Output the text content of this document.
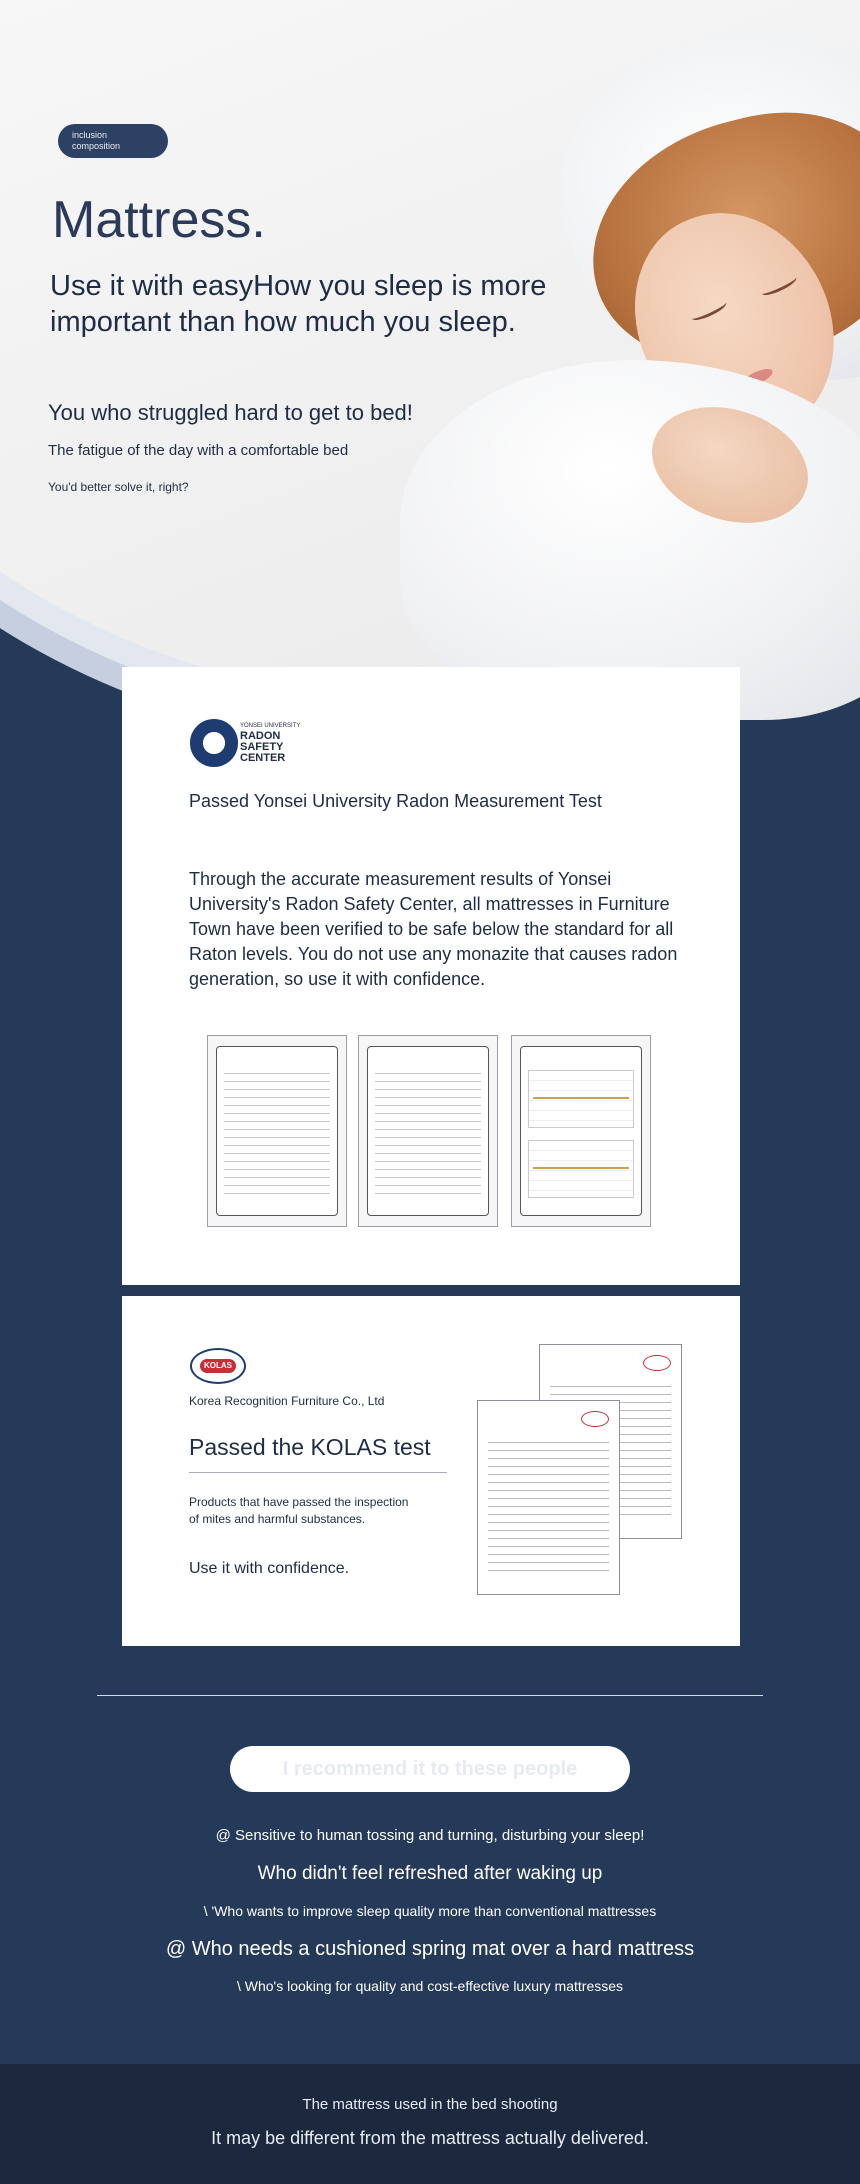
inclusion
composition
Mattress.
Use it with easyHow you sleep is more important than how much you sleep.
You who struggled hard to get to bed!
The fatigue of the day with a comfortable bed
You'd better solve it, right?
YONSEI UNIVERSITY
RADON SAFETY CENTER
Passed Yonsei University Radon Measurement Test
Through the accurate measurement results of Yonsei University's Radon Safety Center, all mattresses in Furniture Town have been verified to be safe below the standard for all Raton levels. You do not use any monazite that causes radon generation, so use it with confidence.
KOLAS
Korea Recognition Furniture Co., Ltd
Passed the KOLAS test
Products that have passed the inspection of mites and harmful substances.
Use it with confidence.
I recommend it to these people
@ Sensitive to human tossing and turning, disturbing your sleep!
Who didn't feel refreshed after waking up
\ 'Who wants to improve sleep quality more than conventional mattresses
@ Who needs a cushioned spring mat over a hard mattress
\ Who's looking for quality and cost-effective luxury mattresses
The mattress used in the bed shooting
It may be different from the mattress actually delivered.
